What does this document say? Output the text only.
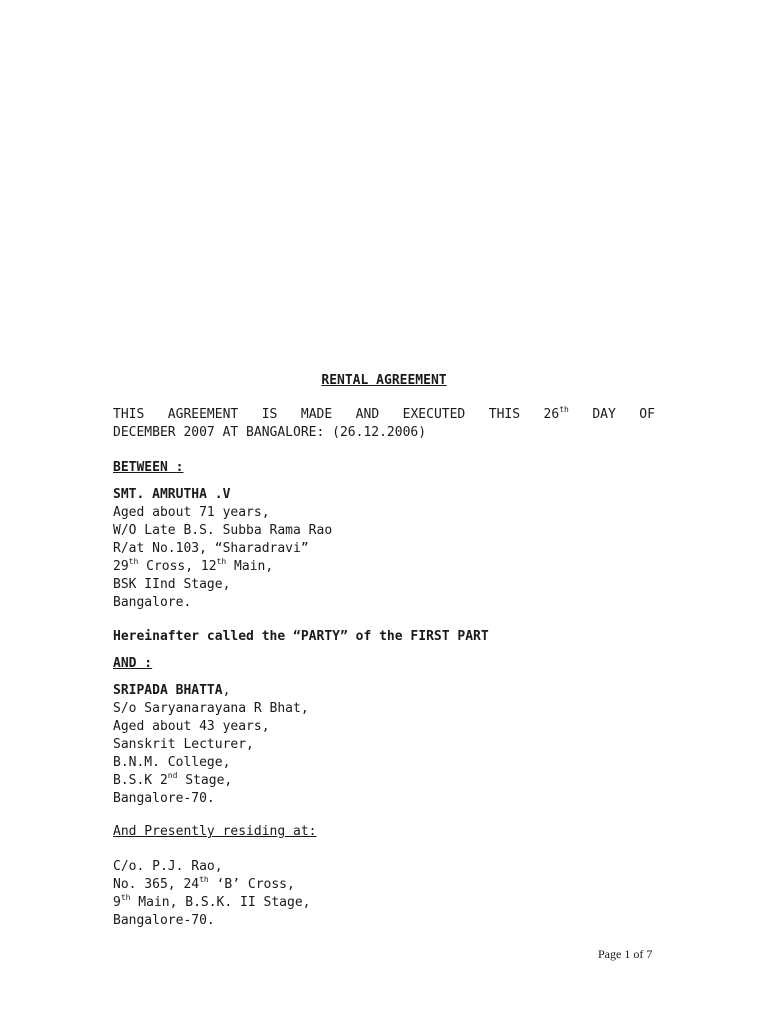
RENTAL AGREEMENT
THIS AGREEMENT IS MADE AND EXECUTED THIS 26th DAY OF
DECEMBER 2007 AT BANGALORE: (26.12.2006)
BETWEEN :
SMT. AMRUTHA .V
Aged about 71 years,
W/O Late B.S. Subba Rama Rao
R/at No.103, “Sharadravi”
29th Cross, 12th Main,
BSK IInd Stage,
Bangalore.
Hereinafter called the “PARTY” of the FIRST PART
AND :
SRIPADA BHATTA,
S/o Saryanarayana R Bhat,
Aged about 43 years,
Sanskrit Lecturer,
B.N.M. College,
B.S.K 2nd Stage,
Bangalore-70.
And Presently residing at:
C/o. P.J. Rao,
No. 365, 24th ‘B’ Cross,
9th Main, B.S.K. II Stage,
Bangalore-70.
Page 1 of 7
